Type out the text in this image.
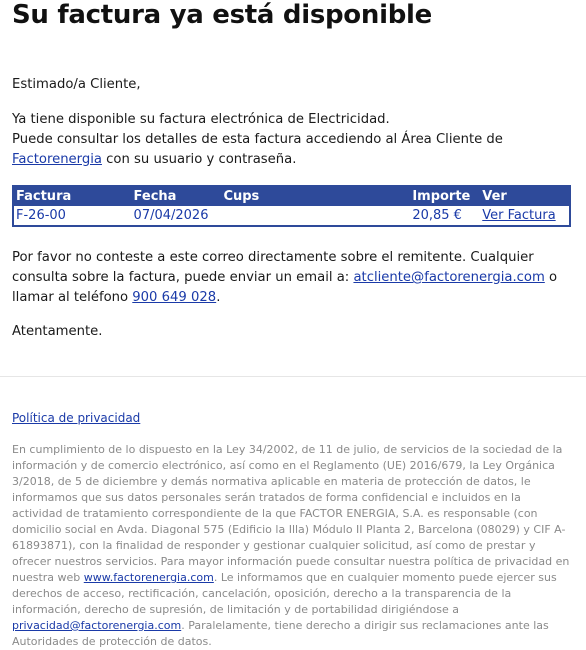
Su factura ya está disponible
Estimado/a Cliente,
Ya tiene disponible su factura electrónica de Electricidad.
Puede consultar los detalles de esta factura accediendo al Área Cliente de
Factorenergia con su usuario y contraseña.
Factura	Fecha	Cups	Importe	Ver
F-26-00	07/04/2026		20,85 €	Ver Factura
Por favor no conteste a este correo directamente sobre el remitente. Cualquier
consulta sobre la factura, puede enviar un email a: atcliente@factorenergia.com o
llamar al teléfono 900 649 028.
Atentamente.
Política de privacidad
En cumplimiento de lo dispuesto en la Ley 34/2002, de 11 de julio, de servicios de la sociedad de la
información y de comercio electrónico, así como en el Reglamento (UE) 2016/679, la Ley Orgánica
3/2018, de 5 de diciembre y demás normativa aplicable en materia de protección de datos, le
informamos que sus datos personales serán tratados de forma confidencial e incluidos en la
actividad de tratamiento correspondiente de la que FACTOR ENERGIA, S.A. es responsable (con
domicilio social en Avda. Diagonal 575 (Edificio la Illa) Módulo II Planta 2, Barcelona (08029) y CIF A-
61893871), con la finalidad de responder y gestionar cualquier solicitud, así como de prestar y
ofrecer nuestros servicios. Para mayor información puede consultar nuestra política de privacidad en
nuestra web www.factorenergia.com. Le informamos que en cualquier momento puede ejercer sus
derechos de acceso, rectificación, cancelación, oposición, derecho a la transparencia de la
información, derecho de supresión, de limitación y de portabilidad dirigiéndose a
privacidad@factorenergia.com. Paralelamente, tiene derecho a dirigir sus reclamaciones ante las
Autoridades de protección de datos.
